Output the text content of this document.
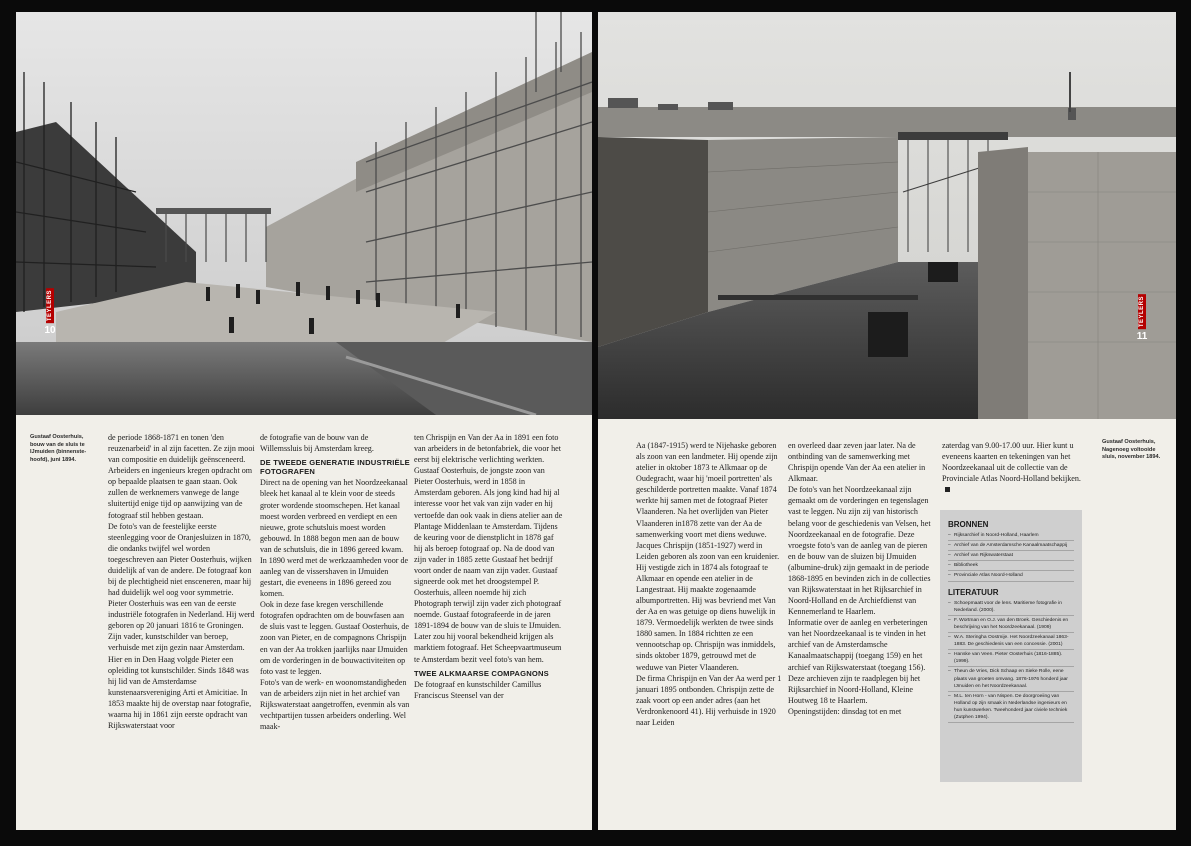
TEYLERS
10
Gustaaf Oosterhuis, bouw van de sluis te IJmuiden (binnenste-hoofd), juni 1894.

de periode 1868-1871 en tonen 'den reuzenarbeid' in al zijn facetten. Ze zijn mooi van compositie en duidelijk geënsceneerd. Arbeiders en ingenieurs kregen opdracht om op bepaalde plaatsen te gaan staan. Ook zullen de werknemers vanwege de lange sluitertijd enige tijd op aanwijzing van de fotograaf stil hebben gestaan.
De foto's van de feestelijke eerste steenlegging voor de Oranjesluizen in 1870, die ondanks twijfel wel worden toegeschreven aan Pieter Oosterhuis, wijken duidelijk af van de andere. De fotograaf kon bij de plechtigheid niet ensceneren, maar hij had duidelijk wel oog voor symmetrie.
Pieter Oosterhuis was een van de eerste industriële fotografen in Nederland. Hij werd geboren op 20 januari 1816 te Groningen. Zijn vader, kunstschilder van beroep, verhuisde met zijn gezin naar Amsterdam. Hier en in Den Haag volgde Pieter een opleiding tot kunstschilder. Sinds 1848 was hij lid van de Amsterdamse kunstenaarsvereniging Arti et Amicitiae. In 1853 maakte hij de overstap naar fotografie, waarna hij in 1861 zijn eerste opdracht van Rijkswaterstaat voor

de fotografie van de bouw van de Willemssluis bij Amsterdam kreeg.

DE TWEEDE GENERATIE INDUSTRIËLE FOTOGRAFEN

Direct na de opening van het Noordzeekanaal bleek het kanaal al te klein voor de steeds groter wordende stoomschepen. Het kanaal moest worden verbreed en verdiept en een nieuwe, grote schutsluis moest worden gebouwd. In 1888 begon men aan de bouw van de schutsluis, die in 1896 gereed kwam. In 1890 werd met de werkzaamheden voor de aanleg van de vissershaven in IJmuiden gestart, die eveneens in 1896 gereed zou komen.
Ook in deze fase kregen verschillende fotografen opdrachten om de bouwfasen aan de sluis vast te leggen. Gustaaf Oosterhuis, de zoon van Pieter, en de compagnons Chrispijn en van der Aa trokken jaarlijks naar IJmuiden om de vorderingen in de bouwactiviteiten op foto vast te leggen.
Foto's van de werk- en woonomstandigheden van de arbeiders zijn niet in het archief van Rijkswaterstaat aangetroffen, evenmin als van vechtpartijen tussen arbeiders onderling. Wel maak-

ten Chrispijn en Van der Aa in 1891 een foto van arbeiders in de betonfabriek, die voor het eerst bij elektrische verlichting werkten.
Gustaaf Oosterhuis, de jongste zoon van Pieter Oosterhuis, werd in 1858 in Amsterdam geboren. Als jong kind had hij al interesse voor het vak van zijn vader en hij vertoefde dan ook vaak in diens atelier aan de Plantage Middenlaan te Amsterdam. Tijdens de keuring voor de dienstplicht in 1878 gaf hij als beroep fotograaf op. Na de dood van zijn vader in 1885 zette Gustaaf het bedrijf voort onder de naam van zijn vader. Gustaaf signeerde ook met het droogstempel P. Oosterhuis, alleen noemde hij zich Photograph terwijl zijn vader zich photograaf noemde. Gustaaf fotografeerde in de jaren 1891-1894 de bouw van de sluis te IJmuiden. Later zou hij vooral bekendheid krijgen als marktiem fotograaf. Het Scheepvaartmuseum te Amsterdam bezit veel foto's van hem.

TWEE ALKMAARSE COMPAGNONS

De fotograaf en kunstschilder Camillus Franciscus Steensel van der

TEYLERS
11

Aa (1847-1915) werd te Nijehaske geboren als zoon van een landmeter. Hij opende zijn atelier in oktober 1873 te Alkmaar op de Oudegracht, waar hij 'moeil portretten' als geschilderde portretten maakte. Vanaf 1874 werkte hij samen met de fotograaf Pieter Vlaanderen. Na het overlijden van Pieter Vlaanderen in1878 zette van der Aa de samenwerking voort met diens weduwe.
Jacques Chrispijn (1851-1927) werd in Leiden geboren als zoon van een kruidenier. Hij vestigde zich in 1874 als fotograaf te Alkmaar en opende een atelier in de Langestraat. Hij maakte zogenaamde albumportretten. Hij was bevriend met Van der Aa en was getuige op diens huwelijk in 1879. Vermoedelijk werkten de twee sinds 1880 samen. In 1884 richtten ze een vennootschap op. Chrispijn was inmiddels, sinds oktober 1879, getrouwd met de weduwe van Pieter Vlaanderen.
De firma Chrispijn en Van der Aa werd per 1 januari 1895 ontbonden. Chrispijn zette de zaak voort op een ander adres (aan het Verdronkenoord 41). Hij verhuisde in 1920 naar Leiden

en overleed daar zeven jaar later. Na de ontbinding van de samenwerking met Chrispijn opende Van der Aa een atelier in Alkmaar.
De foto's van het Noordzeekanaal zijn gemaakt om de vorderingen en tegenslagen vast te leggen. Nu zijn zij van historisch belang voor de geschiedenis van Velsen, het Noordzeekanaal en de fotografie. Deze vroegste foto's van de aanleg van de pieren en de bouw van de sluizen bij IJmuiden (albumine-druk) zijn gemaakt in de periode 1868-1895 en bevinden zich in de collecties van Rijkswaterstaat in het Rijksarchief in Noord-Holland en de Archiefdienst van Kennemerland te Haarlem.
Informatie over de aanleg en verbeteringen van het Noordzeekanaal is te vinden in het archief van de Amsterdamsche Kanaalmaatschappij (toegang 159) en het archief van Rijkswaterstaat (toegang 156). Deze archieven zijn te raadplegen bij het Rijksarchief in Noord-Holland, Kleine Houtweg 18 te Haarlem.
Openingstijden: dinsdag tot en met

zaterdag van 9.00-17.00 uur. Hier kunt u eveneens kaarten en tekeningen van het Noordzeekanaal uit de collectie van de Provinciale Atlas Noord-Holland bekijken.

Gustaaf Oosterhuis, Nagenoeg voltooide sluis, november 1894.
BRONNEN
– Rijksarchief in Noord-Holland, Haarlem
– Archief van de Amsterdamsche Kanaalmaatschappij
– Archief van Rijkswaterstaat
– Bibliotheek
– Provinciale Atlas Noord-Holland
LITERATUUR
– Schoepmaatt voor de lens. Maritieme fotografie in Nederland. (2000).
– F. Wortman en O.J. van den Broek. Geschiedenis en beschrijving van het Noordzeekanaal. (1909)
– W.A. Steringha Oostmije. Het Noordzeekanaal 1863-1883. De geschiedenis van een concessie. (2001)
– Hanske van Veen. Pieter Oosterhuis (1816-1885). (1999).
– Theun de Vries, Dick Schaap en Sieke Rolle, eene plaats van groeten omvang. 1876-1976 honderd jaar IJmuiden en het Noordzeekanaal.
– M.L. ten Horn - van Nispen. De doorgroeiing van Holland op zijn smaak in Nederlandse ingenieurs en hun kunstwerken. Tweehonderd jaar civiele techniek (Zutphen 1994).
